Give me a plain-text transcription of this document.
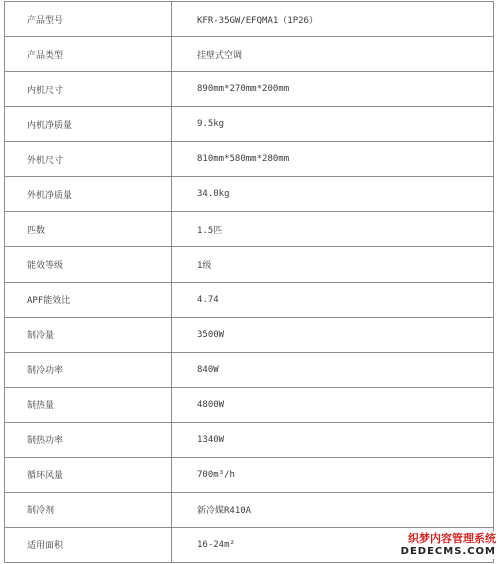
产品型号	KFR-35GW/EFQMA1（1P26）
产品类型	挂壁式空调
内机尺寸	890mm*270mm*200mm
内机净质量	9.5kg
外机尺寸	810mm*580mm*280mm
外机净质量	34.0kg
匹数	1.5匹
能效等级	1级
APF能效比	4.74
制冷量	3500W
制冷功率	840W
制热量	4800W
制热功率	1340W
循环风量	700m³/h
制冷剂	新冷媒R410A
适用面积	16-24m²	织梦内容管理系统
DEDECMS.COM
